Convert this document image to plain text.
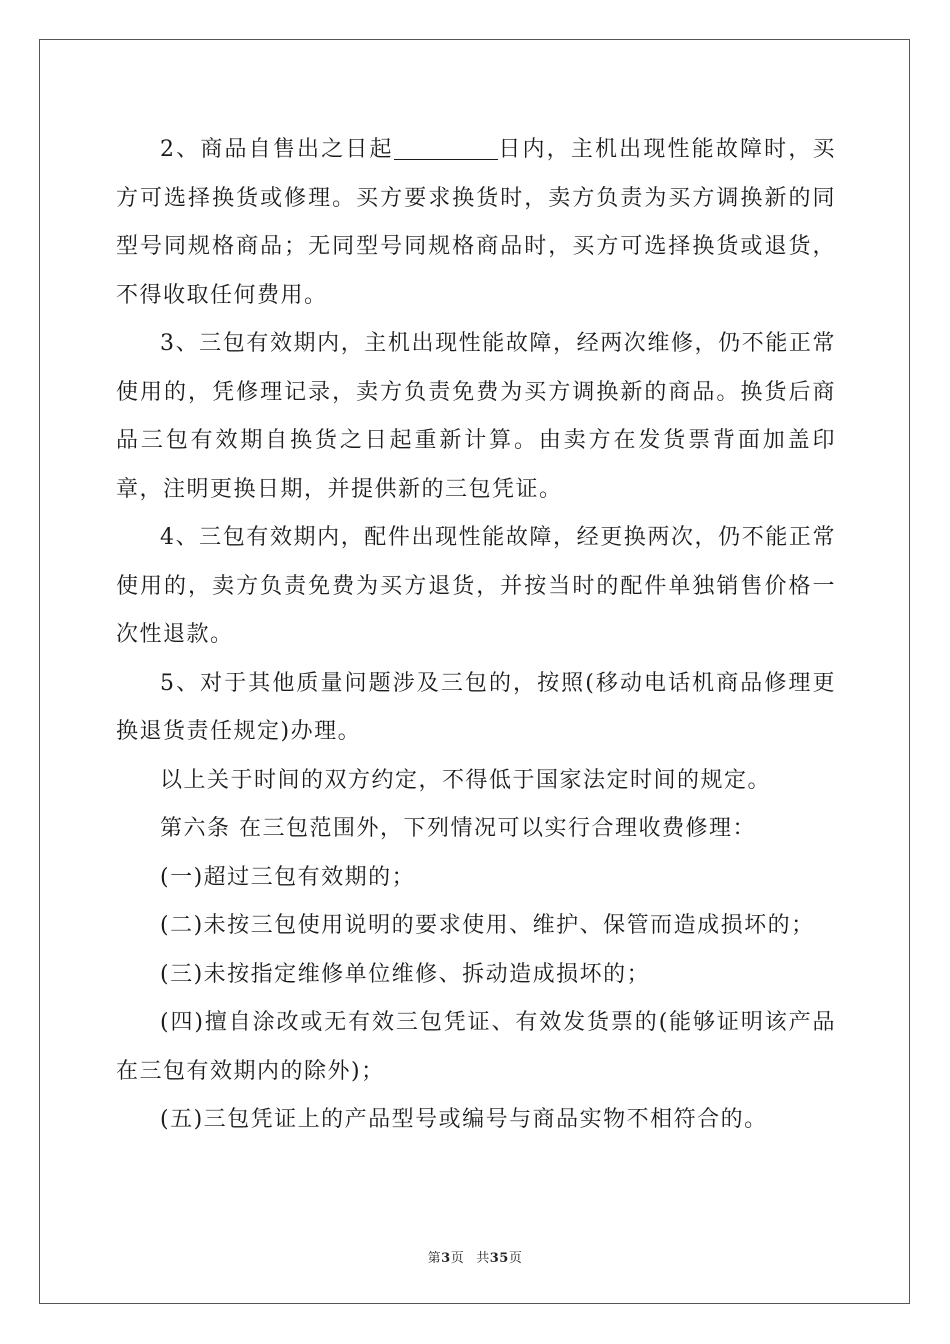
2、商品自售出之日起	日内，主机出现性能故障时，买方可选择换货或修理。买方要求换货时，卖方负责为买方调换新的同型号同规格商品；无同型号同规格商品时，买方可选择换货或退货，不得收取任何费用。

3、三包有效期内，主机出现性能故障，经两次维修，仍不能正常使用的，凭修理记录，卖方负责免费为买方调换新的商品。换货后商品三包有效期自换货之日起重新计算。由卖方在发货票背面加盖印章，注明更换日期，并提供新的三包凭证。

4、三包有效期内，配件出现性能故障，经更换两次，仍不能正常使用的，卖方负责免费为买方退货，并按当时的配件单独销售价格一次性退款。

5、对于其他质量问题涉及三包的，按照(移动电话机商品修理更换退货责任规定)办理。

以上关于时间的双方约定，不得低于国家法定时间的规定。

第六条 在三包范围外，下列情况可以实行合理收费修理：

(一)超过三包有效期的；

(二)未按三包使用说明的要求使用、维护、保管而造成损坏的；

(三)未按指定维修单位维修、拆动造成损坏的；

(四)擅自涂改或无有效三包凭证、有效发货票的(能够证明该产品在三包有效期内的除外)；

(五)三包凭证上的产品型号或编号与商品实物不相符合的。

第3页 共35页
